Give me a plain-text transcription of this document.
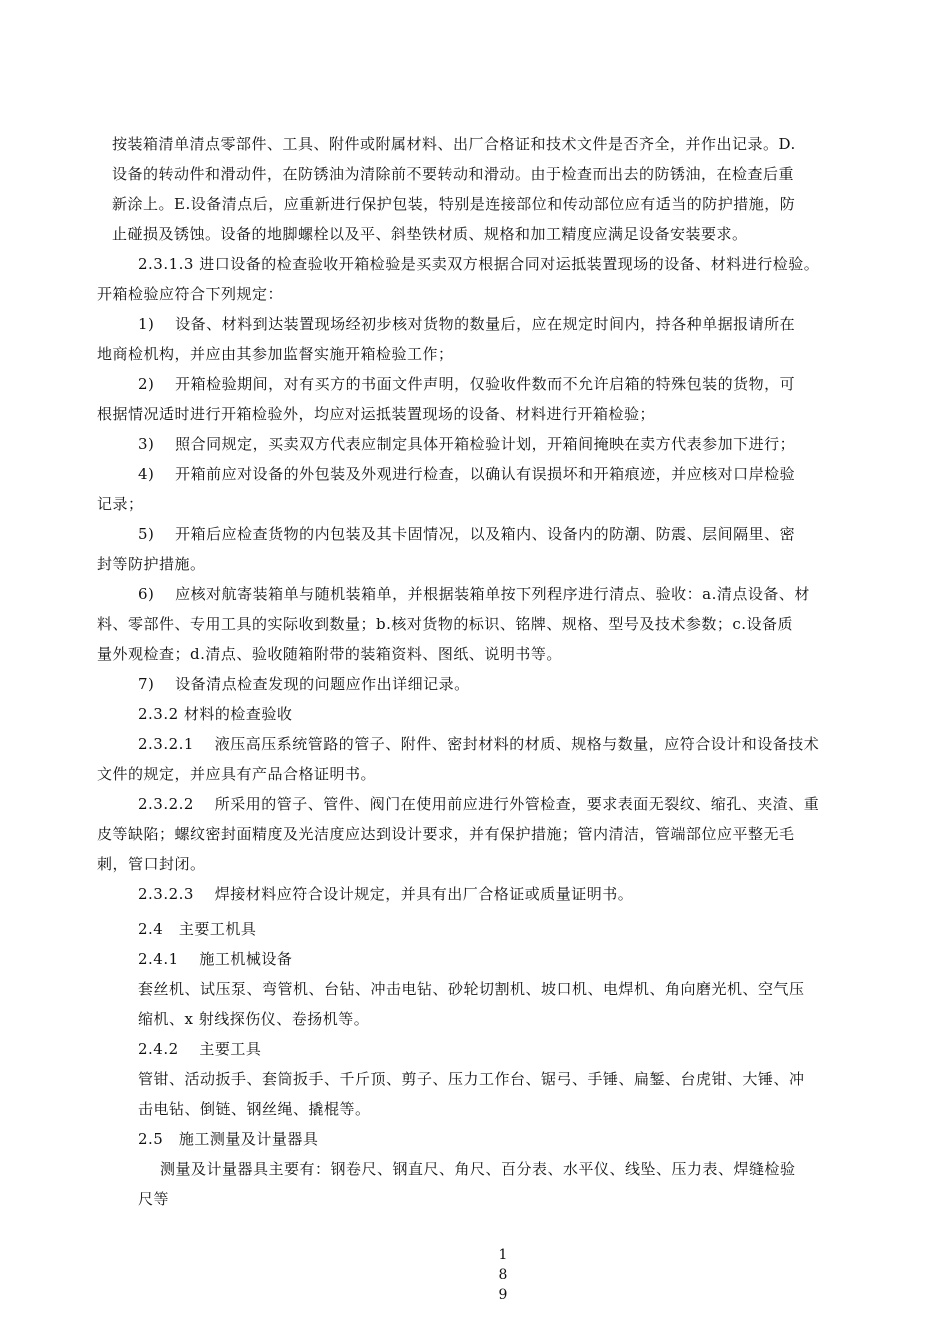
按装箱清单清点零部件、工具、附件或附属材料、出厂合格证和技术文件是否齐全，并作出记录。D.

设备的转动件和滑动件，在防锈油为清除前不要转动和滑动。由于检查而出去的防锈油，在检查后重

新涂上。E.设备清点后，应重新进行保护包装，特别是连接部位和传动部位应有适当的防护措施，防

止碰损及锈蚀。设备的地脚螺栓以及平、斜垫铁材质、规格和加工精度应满足设备安装要求。

2.3.1.3 进口设备的检查验收开箱检验是买卖双方根据合同对运抵装置现场的设备、材料进行检验。

开箱检验应符合下列规定：

1)　 设备、材料到达装置现场经初步核对货物的数量后，应在规定时间内，持各种单据报请所在

地商检机构，并应由其参加监督实施开箱检验工作；

2)　 开箱检验期间，对有买方的书面文件声明，仅验收件数而不允许启箱的特殊包装的货物，可

根据情况适时进行开箱检验外，均应对运抵装置现场的设备、材料进行开箱检验；

3)　 照合同规定，买卖双方代表应制定具体开箱检验计划，开箱间掩映在卖方代表参加下进行；

4)　 开箱前应对设备的外包装及外观进行检查，以确认有误损坏和开箱痕迹，并应核对口岸检验

记录；

5)　 开箱后应检查货物的内包装及其卡固情况，以及箱内、设备内的防潮、防震、层间隔里、密

封等防护措施。

6)　 应核对航寄装箱单与随机装箱单，并根据装箱单按下列程序进行清点、验收：a.清点设备、材

料、零部件、专用工具的实际收到数量；b.核对货物的标识、铭牌、规格、型号及技术参数；c.设备质

量外观检查；d.清点、验收随箱附带的装箱资料、图纸、说明书等。

7)　 设备清点检查发现的问题应作出详细记录。

2.3.2 材料的检查验收

2.3.2.1　 液压高压系统管路的管子、附件、密封材料的材质、规格与数量，应符合设计和设备技术

文件的规定，并应具有产品合格证明书。

2.3.2.2　 所采用的管子、管件、阀门在使用前应进行外管检查，要求表面无裂纹、缩孔、夹渣、重

皮等缺陷；螺纹密封面精度及光洁度应达到设计要求，并有保护措施；管内清洁，管端部位应平整无毛

刺，管口封闭。

2.3.2.3　 焊接材料应符合设计规定，并具有出厂合格证或质量证明书。

2.4　主要工机具

2.4.1　 施工机械设备

套丝机、试压泵、弯管机、台钻、冲击电钻、砂轮切割机、坡口机、电焊机、角向磨光机、空气压

缩机、x 射线探伤仪、卷扬机等。

2.4.2　 主要工具

管钳、活动扳手、套筒扳手、千斤顶、剪子、压力工作台、锯弓、手锤、扁錾、台虎钳、大锤、冲

击电钻、倒链、钢丝绳、撬棍等。

2.5　施工测量及计量器具

测量及计量器具主要有：钢卷尺、钢直尺、角尺、百分表、水平仪、线坠、压力表、焊缝检验

尺等

1
8
9
